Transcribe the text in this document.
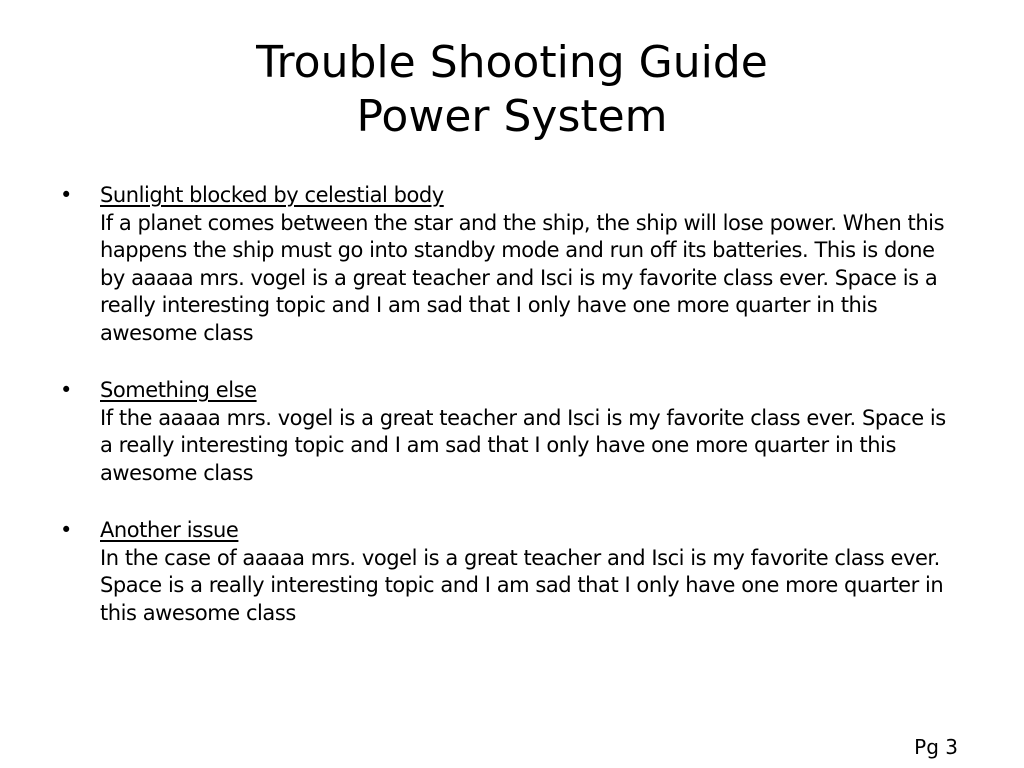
Trouble Shooting Guide
Power System
•	Sunlight blocked by celestial body
If a planet comes between the star and the ship, the ship will lose power. When this happens the ship must go into standby mode and run off its batteries. This is done by aaaaa mrs. vogel is a great teacher and Isci is my favorite class ever. Space is a really interesting topic and I am sad that I only have one more quarter in this awesome class
•	Something else
If the aaaaa mrs. vogel is a great teacher and Isci is my favorite class ever. Space is a really interesting topic and I am sad that I only have one more quarter in this awesome class
•	Another issue
In the case of aaaaa mrs. vogel is a great teacher and Isci is my favorite class ever. Space is a really interesting topic and I am sad that I only have one more quarter in this awesome class
Pg 3
